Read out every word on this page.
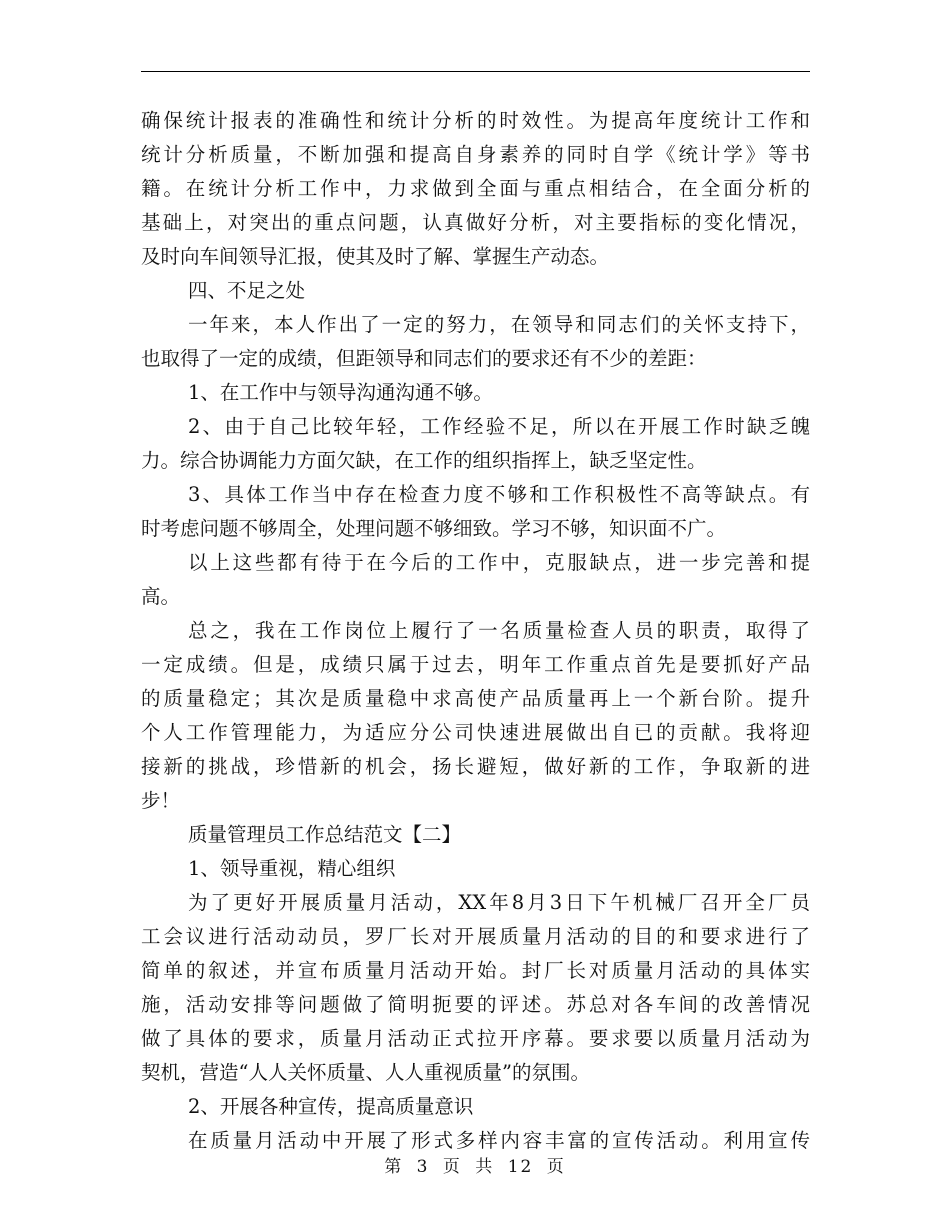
确保统计报表的准确性和统计分析的时效性。为提高年度统计工作和
统计分析质量，不断加强和提高自身素养的同时自学《统计学》等书
籍。在统计分析工作中，力求做到全面与重点相结合，在全面分析的
基础上，对突出的重点问题，认真做好分析，对主要指标的变化情况，
及时向车间领导汇报，使其及时了解、掌握生产动态。
四、不足之处
一年来，本人作出了一定的努力，在领导和同志们的关怀支持下，
也取得了一定的成绩，但距领导和同志们的要求还有不少的差距：
1、在工作中与领导沟通沟通不够。
2、由于自己比较年轻，工作经验不足，所以在开展工作时缺乏魄
力。综合协调能力方面欠缺，在工作的组织指挥上，缺乏坚定性。
3、具体工作当中存在检查力度不够和工作积极性不高等缺点。有
时考虑问题不够周全，处理问题不够细致。学习不够，知识面不广。
以上这些都有待于在今后的工作中，克服缺点，进一步完善和提
高。
总之，我在工作岗位上履行了一名质量检查人员的职责，取得了
一定成绩。但是，成绩只属于过去，明年工作重点首先是要抓好产品
的质量稳定；其次是质量稳中求高使产品质量再上一个新台阶。提升
个人工作管理能力，为适应分公司快速进展做出自已的贡献。我将迎
接新的挑战，珍惜新的机会，扬长避短，做好新的工作，争取新的进
步！
质量管理员工作总结范文【二】
1、领导重视，精心组织
为了更好开展质量月活动，XX年8月3日下午机械厂召开全厂员
工会议进行活动动员，罗厂长对开展质量月活动的目的和要求进行了
简单的叙述，并宣布质量月活动开始。封厂长对质量月活动的具体实
施，活动安排等问题做了简明扼要的评述。苏总对各车间的改善情况
做了具体的要求，质量月活动正式拉开序幕。要求要以质量月活动为
契机，营造“人人关怀质量、人人重视质量”的氛围。
2、开展各种宣传，提高质量意识
在质量月活动中开展了形式多样内容丰富的宣传活动。利用宣传
第 3 页 共 12 页
